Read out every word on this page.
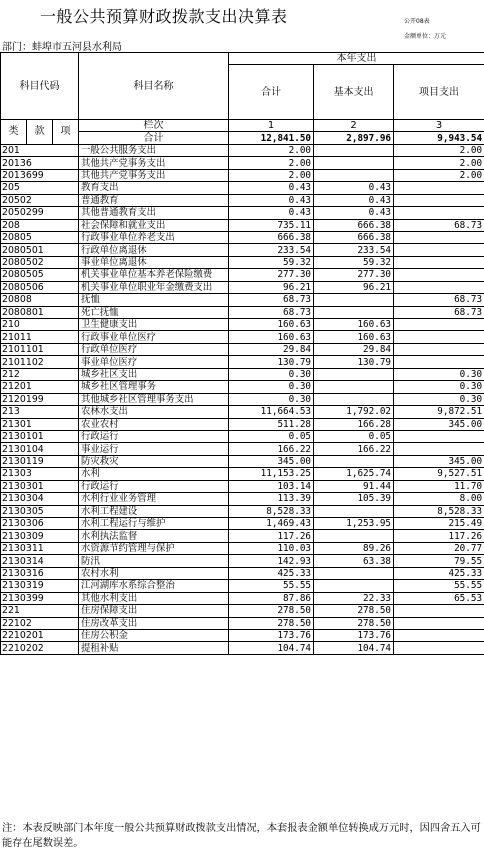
一般公共预算财政拨款支出决算表	公开08表
金额单位：万元
部门：蚌埠市五河县水利局
科目代码			科目名称	本年支出		
				合计	基本支出	项目支出
类	款	项	栏次	1	2	3
			合计	12,841.50	2,897.96	9,943.54
201			一般公共服务支出	2.00		2.00
20136			其他共产党事务支出	2.00		2.00
2013699			其他共产党事务支出	2.00		2.00
205			教育支出	0.43	0.43	
20502			普通教育	0.43	0.43	
2050299			其他普通教育支出	0.43	0.43	
208			社会保障和就业支出	735.11	666.38	68.73
20805			行政事业单位养老支出	666.38	666.38	
2080501			行政单位离退休	233.54	233.54	
2080502			事业单位离退休	59.32	59.32	
2080505			机关事业单位基本养老保险缴费	277.30	277.30	
2080506			机关事业单位职业年金缴费支出	96.21	96.21	
20808			抚恤	68.73		68.73
2080801			死亡抚恤	68.73		68.73
210			卫生健康支出	160.63	160.63	
21011			行政事业单位医疗	160.63	160.63	
2101101			行政单位医疗	29.84	29.84	
2101102			事业单位医疗	130.79	130.79	
212			城乡社区支出	0.30		0.30
21201			城乡社区管理事务	0.30		0.30
2120199			其他城乡社区管理事务支出	0.30		0.30
213			农林水支出	11,664.53	1,792.02	9,872.51
21301			农业农村	511.28	166.28	345.00
2130101			行政运行	0.05	0.05	
2130104			事业运行	166.22	166.22	
2130119			防灾救灾	345.00		345.00
21303			水利	11,153.25	1,625.74	9,527.51
2130301			行政运行	103.14	91.44	11.70
2130304			水利行业业务管理	113.39	105.39	8.00
2130305			水利工程建设	8,528.33		8,528.33
2130306			水利工程运行与维护	1,469.43	1,253.95	215.49
2130309			水利执法监督	117.26		117.26
2130311			水资源节约管理与保护	110.03	89.26	20.77
2130314			防汛	142.93	63.38	79.55
2130316			农村水利	425.33		425.33
2130319			江河湖库水系综合整治	55.55		55.55
2130399			其他水利支出	87.86	22.33	65.53
221			住房保障支出	278.50	278.50	
22102			住房改革支出	278.50	278.50	
2210201			住房公积金	173.76	173.76	
2210202			提租补贴	104.74	104.74	
注：本表反映部门本年度一般公共预算财政拨款支出情况，本套报表金额单位转换成万元时，因四舍五入可能存在尾数误差。
